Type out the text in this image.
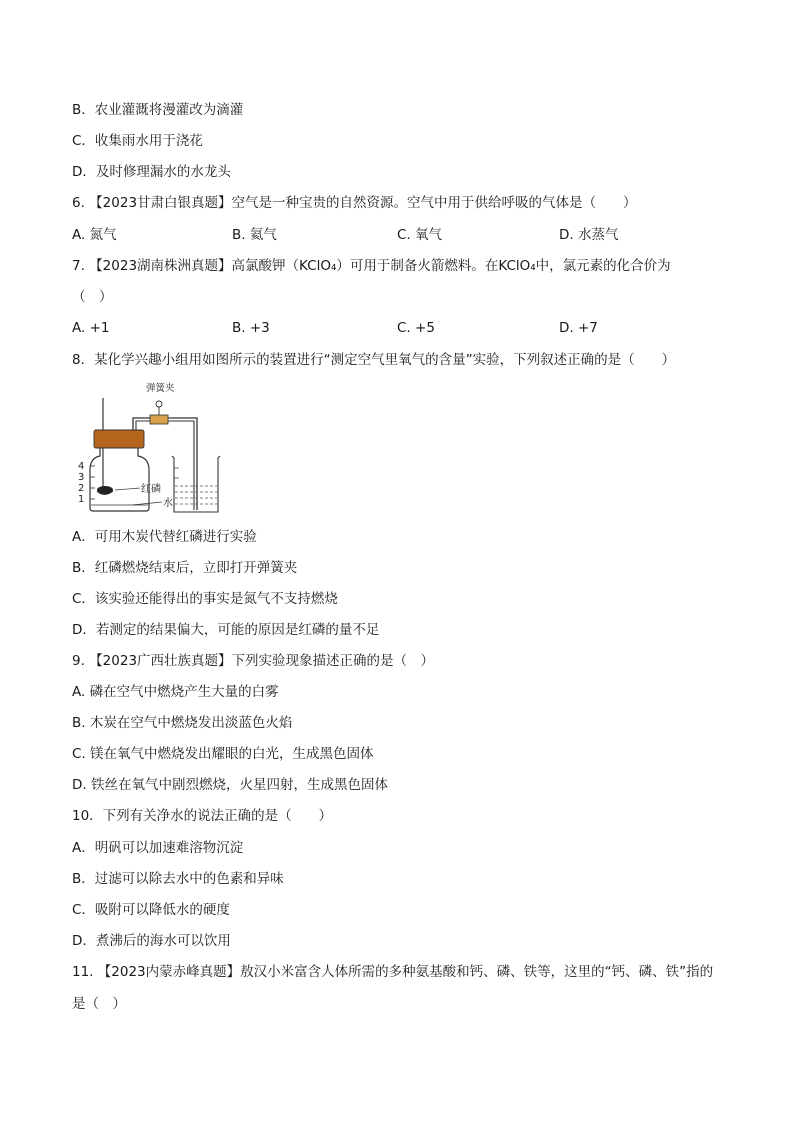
B．农业灌溉将漫灌改为滴灌
C．收集雨水用于浇花
D．及时修理漏水的水龙头
6. 【2023甘肃白银真题】空气是一种宝贵的自然资源。空气中用于供给呼吸的气体是（　　）
A. 氮气	B. 氦气	C. 氧气	D. 水蒸气
7. 【2023湖南株洲真题】高氯酸钾（KClO₄）可用于制备火箭燃料。在KClO₄中，氯元素的化合价为
（　）
A. +1	B. +3	C. +5	D. +7
8．某化学兴趣小组用如图所示的装置进行“测定空气里氧气的含量”实验，下列叙述正确的是（　　）
弹簧夹
4
3
2
1
红磷
水
A．可用木炭代替红磷进行实验
B．红磷燃烧结束后，立即打开弹簧夹
C．该实验还能得出的事实是氮气不支持燃烧
D．若测定的结果偏大，可能的原因是红磷的量不足
9. 【2023广西壮族真题】下列实验现象描述正确的是（　）
A. 磷在空气中燃烧产生大量的白雾
B. 木炭在空气中燃烧发出淡蓝色火焰
C. 镁在氧气中燃烧发出耀眼的白光，生成黑色固体
D. 铁丝在氧气中剧烈燃烧，火星四射，生成黑色固体
10．下列有关净水的说法正确的是（　　）
A．明矾可以加速难溶物沉淀
B．过滤可以除去水中的色素和异味
C．吸附可以降低水的硬度
D．煮沸后的海水可以饮用
11. 【2023内蒙赤峰真题】敖汉小米富含人体所需的多种氨基酸和钙、磷、铁等，这里的“钙、磷、铁”指的
是（　）
